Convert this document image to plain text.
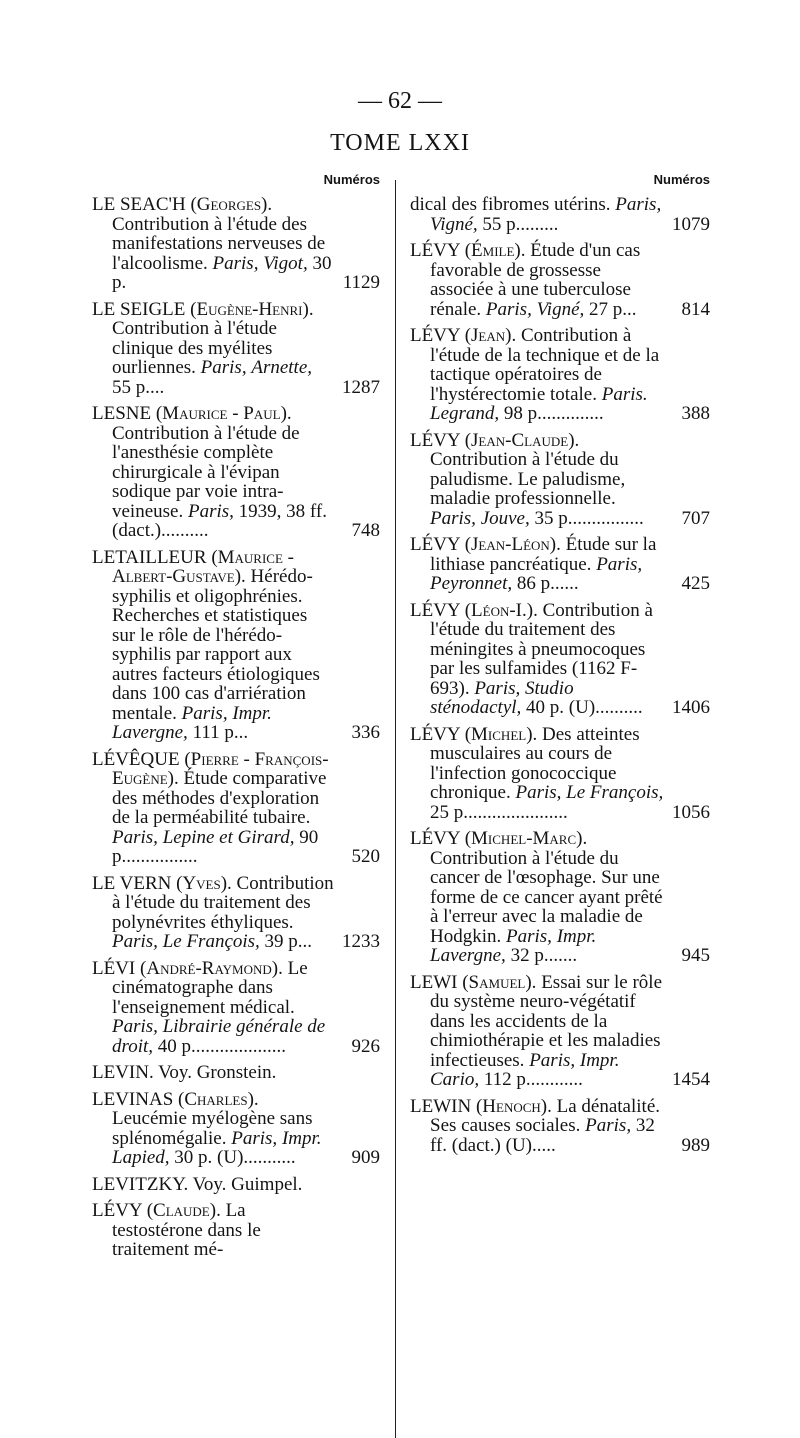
— 62 —
TOME LXXI
Numéros
LE SEAC'H (Georges). Contribution à l'étude des manifestations nerveuses de l'alcoolisme. Paris, Vigot, 30 p.	1129
LE SEIGLE (Eugène-Henri). Contribution à l'étude clinique des myélites ourliennes. Paris, Arnette, 55 p....	1287
LESNE (Maurice - Paul). Contribution à l'étude de l'anesthésie complète chirurgicale à l'évipan sodique par voie intra-veineuse. Paris, 1939, 38 ff. (dact.)..........	748
LETAILLEUR (Maurice - Albert-Gustave). Hérédo-syphilis et oligophrénies. Recherches et statistiques sur le rôle de l'hérédo-syphilis par rapport aux autres facteurs étiologiques dans 100 cas d'arriération mentale. Paris, Impr. Lavergne, 111 p...	336
LÉVÊQUE (Pierre - François-Eugène). Étude comparative des méthodes d'exploration de la perméabilité tubaire. Paris, Lepine et Girard, 90 p................	520
LE VERN (Yves). Contribution à l'étude du traitement des polynévrites éthyliques. Paris, Le François, 39 p...	1233
LÉVI (André-Raymond). Le cinématographe dans l'enseignement médical. Paris, Librairie générale de droit, 40 p....................	926
LEVIN. Voy. Gronstein.
LEVINAS (Charles). Leucémie myélogène sans splénomégalie. Paris, Impr. Lapied, 30 p. (U)...........	909
LEVITZKY. Voy. Guimpel.
LÉVY (Claude). La testostérone dans le traitement mé-
Numéros
dical des fibromes utérins. Paris, Vigné, 55 p.........	1079
LÉVY (Émile). Étude d'un cas favorable de grossesse associée à une tuberculose rénale. Paris, Vigné, 27 p...	814
LÉVY (Jean). Contribution à l'étude de la technique et de la tactique opératoires de l'hystérectomie totale. Paris. Legrand, 98 p..............	388
LÉVY (Jean-Claude). Contribution à l'étude du paludisme. Le paludisme, maladie professionnelle. Paris, Jouve, 35 p................	707
LÉVY (Jean-Léon). Étude sur la lithiase pancréatique. Paris, Peyronnet, 86 p......	425
LÉVY (Léon-I.). Contribution à l'étude du traitement des méningites à pneumocoques par les sulfamides (1162 F-693). Paris, Studio sténodactyl, 40 p. (U)..........	1406
LÉVY (Michel). Des atteintes musculaires au cours de l'infection gonococcique chronique. Paris, Le François, 25 p......................	1056
LÉVY (Michel-Marc). Contribution à l'étude du cancer de l'œsophage. Sur une forme de ce cancer ayant prêté à l'erreur avec la maladie de Hodgkin. Paris, Impr. Lavergne, 32 p.......	945
LEWI (Samuel). Essai sur le rôle du système neuro-végétatif dans les accidents de la chimiothérapie et les maladies infectieuses. Paris, Impr. Cario, 112 p............	1454
LEWIN (Henoch). La dénatalité. Ses causes sociales. Paris, 32 ff. (dact.) (U).....	989
